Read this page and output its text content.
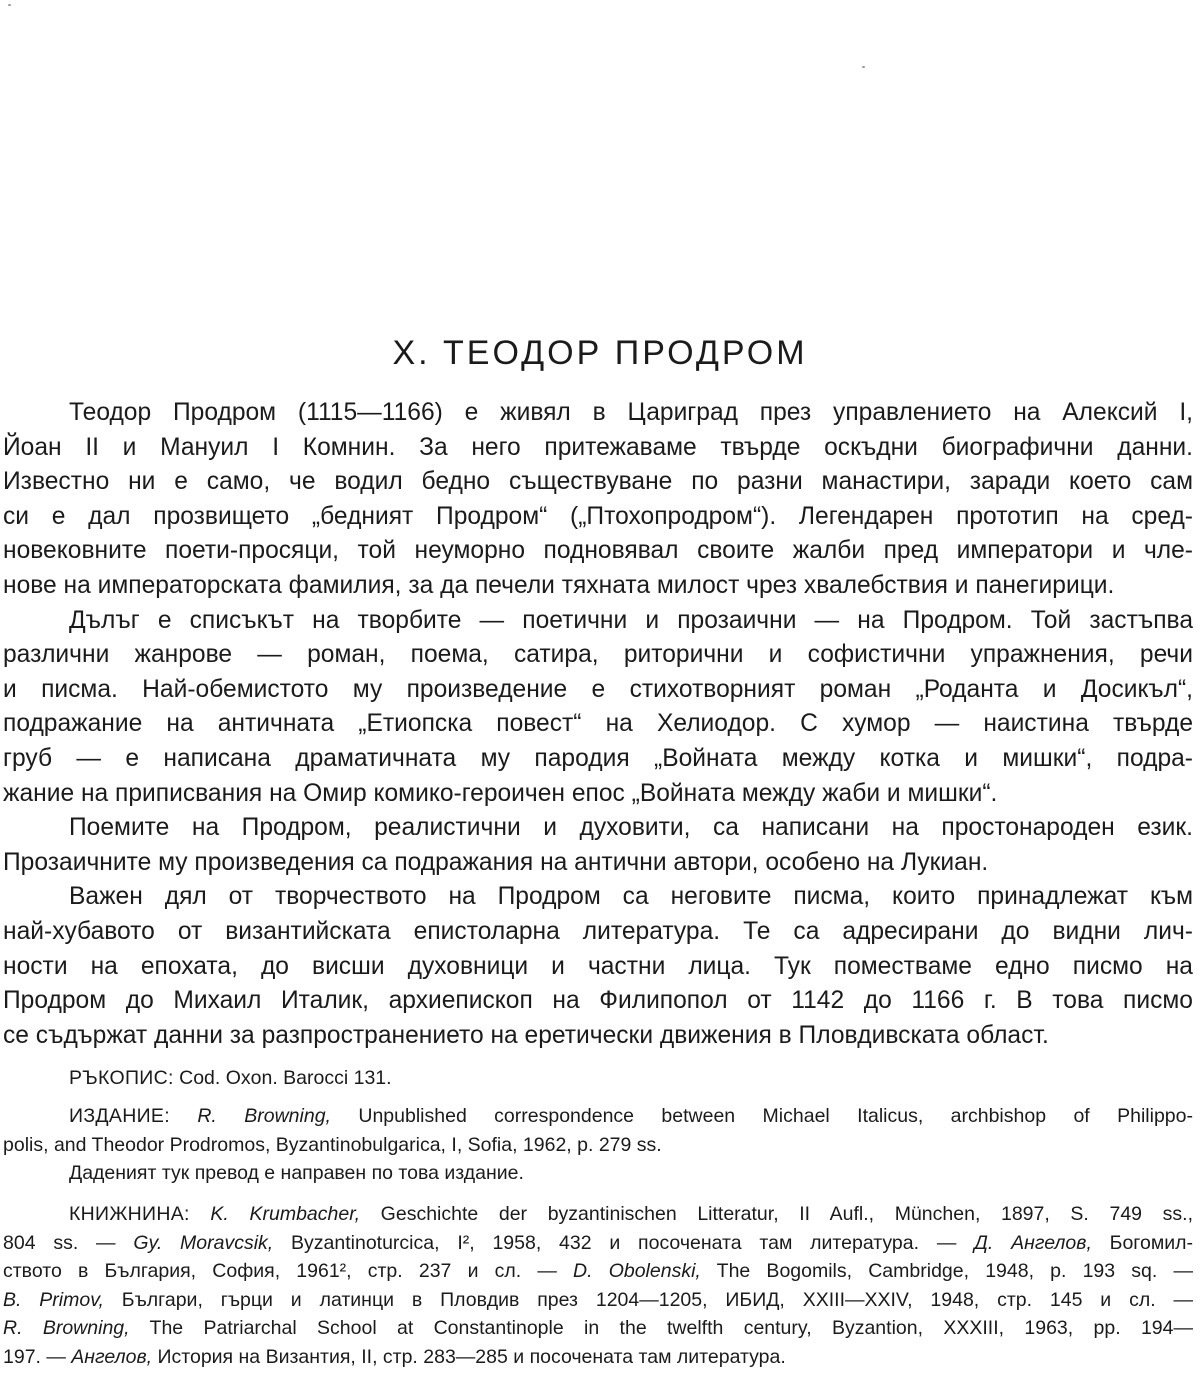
X. ТЕОДОР ПРОДРОМ
Теодор Продром (1115—1166) е живял в Цариград през управлението на Алексий I,
Йоан II и Мануил I Комнин. За него притежаваме твърде оскъдни биографични данни.
Известно ни е само, че водил бедно съществуване по разни манастири, заради което сам
си е дал прозвището „бедният Продром“ („Птохопродром“). Легендарен прототип на сред-
новековните поети-просяци, той неуморно подновявал своите жалби пред императори и чле-
нове на императорската фамилия, за да печели тяхната милост чрез хвалебствия и панегирици.
Дълъг е списъкът на творбите — поетични и прозаични — на Продром. Той застъпва
различни жанрове — роман, поема, сатира, риторични и софистични упражнения, речи
и писма. Най-обемистото му произведение е стихотворният роман „Роданта и Досикъл“,
подражание на античната „Етиопска повест“ на Хелиодор. С хумор — наистина твърде
груб — е написана драматичната му пародия „Войната между котка и мишки“, подра-
жание на приписвания на Омир комико-героичен епос „Войната между жаби и мишки“.
Поемите на Продром, реалистични и духовити, са написани на простонароден език.
Прозаичните му произведения са подражания на антични автори, особено на Лукиан.
Важен дял от творчеството на Продром са неговите писма, които принадлежат към
най-хубавото от византийската епистоларна литература. Те са адресирани до видни лич-
ности на епохата, до висши духовници и частни лица. Тук поместваме едно писмо на
Продром до Михаил Италик, архиепископ на Филипопол от 1142 до 1166 г. В това писмо
се съдържат данни за разпространението на еретически движения в Пловдивската област.
РЪКОПИС: Cod. Oxon. Barocci 131.
ИЗДАНИЕ: R. Browning, Unpublished correspondence between Michael Italicus, archbishop of Philippo-
polis, and Theodor Prodromos, Byzantinobulgarica, I, Sofia, 1962, p. 279 ss.
Даденият тук превод е направен по това издание.
КНИЖНИНА: K. Krumbacher, Geschichte der byzantinischen Litteratur, II Aufl., München, 1897, S. 749 ss.,
804 ss. — Gy. Moravcsik, Byzantinoturcica, I², 1958, 432 и посочената там литература. — Д. Ангелов, Богомил-
ството в България, София, 1961², стр. 237 и сл. — D. Obolenski, The Bogomils, Cambridge, 1948, p. 193 sq. —
B. Primov, Българи, гърци и латинци в Пловдив през 1204—1205, ИБИД, XXIII—XXIV, 1948, стр. 145 и сл. —
R. Browning, The Patriarchal School at Constantinople in the twelfth century, Byzantion, XXXIII, 1963, pp. 194—
197. — Ангелов, История на Византия, II, стр. 283—285 и посочената там литература.
